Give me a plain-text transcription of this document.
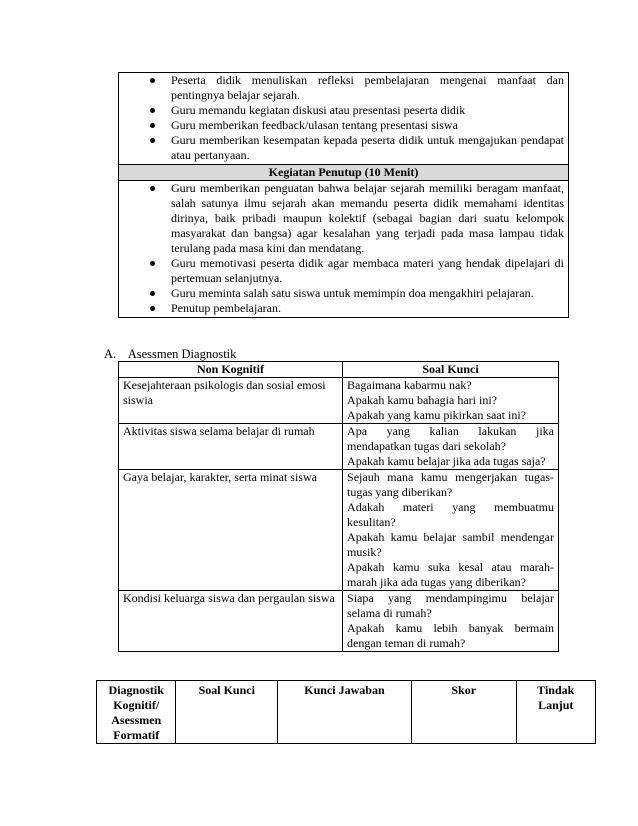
Peserta didik menuliskan refleksi pembelajaran mengenai manfaat dan pentingnya belajar sejarah.
Guru memandu kegiatan diskusi atau presentasi peserta didik
Guru memberikan feedback/ulasan tentang presentasi siswa
Guru memberikan kesempatan kepada peserta didik untuk mengajukan pendapat atau pertanyaan.

Kegiatan Penutup (10 Menit)

Guru memberikan penguatan bahwa belajar sejarah memiliki beragam manfaat, salah satunya ilmu sejarah akan memandu peserta didik memahami identitas dirinya, baik pribadi maupun kolektif (sebagai bagian dari suatu kelompok masyarakat dan bangsa) agar kesalahan yang terjadi pada masa lampau tidak terulang pada masa kini dan mendatang.
Guru memotivasi peserta didik agar membaca materi yang hendak dipelajari di pertemuan selanjutnya.
Guru meminta salah satu siswa untuk memimpin doa mengakhiri pelajaran.
Penutup pembelajaran.
A. Asessmen Diagnostik
Non Kognitif	Soal Kunci
Kesejahteraan psikologis dan sosial emosi siswia	Bagaimana kabarmu nak?
Apakah kamu bahagia hari ini?
Apakah yang kamu pikirkan saat ini?

Aktivitas siswa selama belajar di rumah	Apa yang kalian lakukan jika mendapatkan tugas dari sekolah?
Apakah kamu belajar jika ada tugas saja?

Gaya belajar, karakter, serta minat siswa	Sejauh mana kamu mengerjakan tugas-tugas yang diberikan?
Adakah materi yang membuatmu kesulitan?
Apakah kamu belajar sambil mendengar musik?
Apakah kamu suka kesal atau marah-marah jika ada tugas yang diberikan?

Kondisi keluarga siswa dan pergaulan siswa	Siapa yang mendampingimu belajar selama di rumah?
Apakah kamu lebih banyak bermain dengan teman di rumah?
Diagnostik Kognitif/ Asessmen Formatif	Soal Kunci	Kunci Jawaban	Skor	Tindak Lanjut
